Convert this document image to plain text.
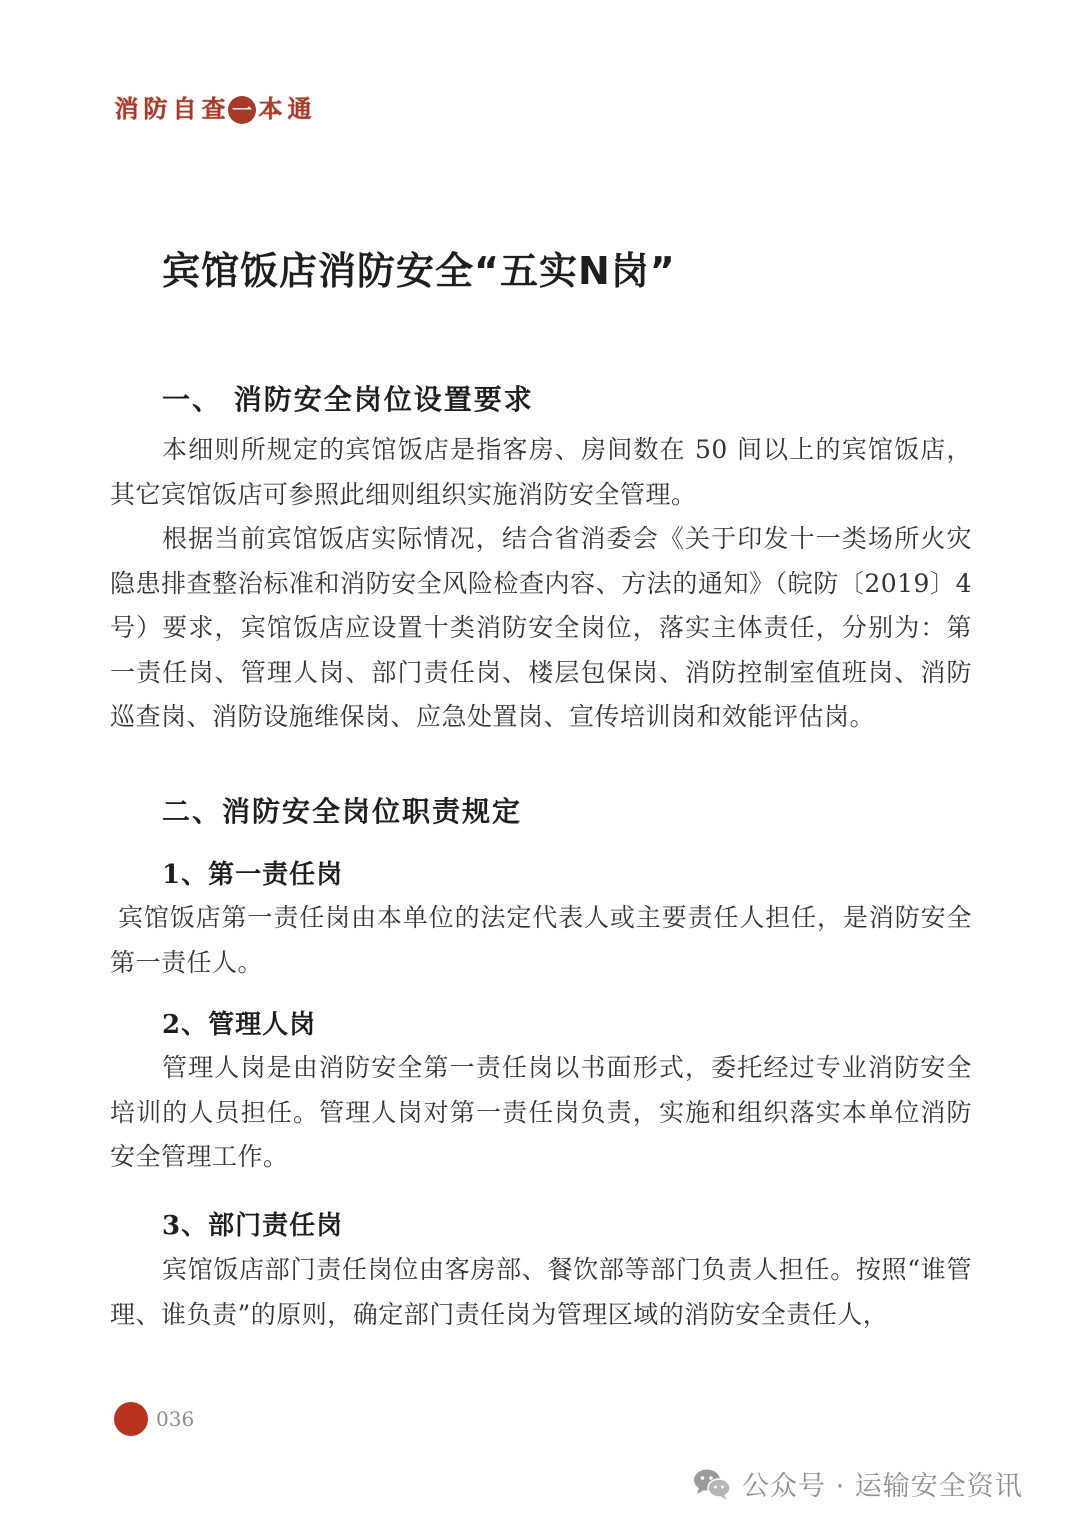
消 防 自 查 一 本 通
宾馆饭店消防安全“五实N岗”
一、 消防安全岗位设置要求
本细则所规定的宾馆饭店是指客房、房间数在 50 间以上的宾馆饭店，其它宾馆饭店可参照此细则组织实施消防安全管理。
根据当前宾馆饭店实际情况，结合省消委会《关于印发十一类场所火灾隐患排查整治标准和消防安全风险检查内容、方法的通知》（皖防〔2019〕4 号）要求，宾馆饭店应设置十类消防安全岗位，落实主体责任，分别为：第一责任岗、管理人岗、部门责任岗、楼层包保岗、消防控制室值班岗、消防巡查岗、消防设施维保岗、应急处置岗、宣传培训岗和效能评估岗。
二、消防安全岗位职责规定
1、第一责任岗
宾馆饭店第一责任岗由本单位的法定代表人或主要责任人担任，是消防安全第一责任人。
2、管理人岗
管理人岗是由消防安全第一责任岗以书面形式，委托经过专业消防安全培训的人员担任。管理人岗对第一责任岗负责，实施和组织落实本单位消防安全管理工作。
3、部门责任岗
宾馆饭店部门责任岗位由客房部、餐饮部等部门负责人担任。按照“谁管理、谁负责”的原则，确定部门责任岗为管理区域的消防安全责任人，
036
公众号 · 运输安全资讯
